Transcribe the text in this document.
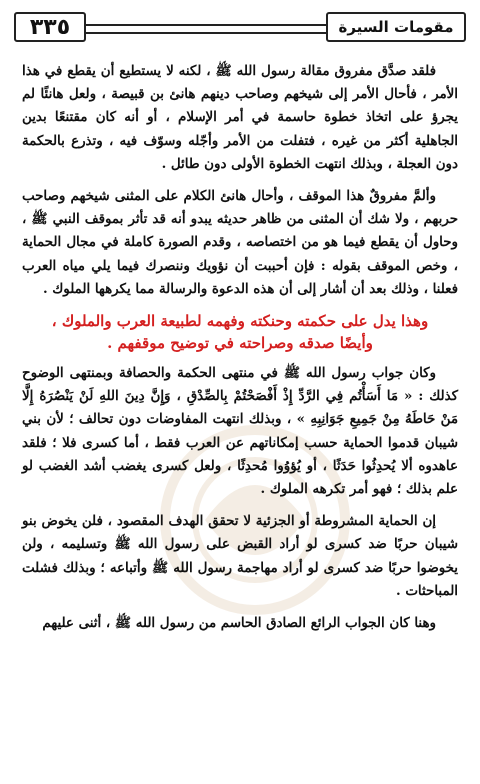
٣٣٥	مقومات السيرة

فلقد صدَّق مفروق مقالة رسول الله ﷺ ، لكنه لا يستطيع أن يقطع في هذا الأمر ، فأحال الأمر إلى شيخهم وصاحب دينهم هانئ بن قبيصة ، ولعل هانئًا لم يجرؤ على اتخاذ خطوة حاسمة في أمر الإسلام ، أو أنه كان مقتنعًا بدين الجاهلية أكثر من غيره ، فتفلت من الأمر وأجّله وسوّف فيه ، وتذرع بالحكمة دون العجلة ، وبذلك انتهت الخطوة الأولى دون طائل .

وألمَّ مفروقٌ هذا الموقف ، وأحال هانئ الكلام على المثنى شيخهم وصاحب حربهم ، ولا شك أن المثنى من ظاهر حديثه يبدو أنه قد تأثر بموقف النبي ﷺ ، وحاول أن يقطع فيما هو من اختصاصه ، وقدم الصورة كاملة في مجال الحماية ، وخص الموقف بقوله : فإن أحببت أن نؤويك وننصرك فيما يلي مياه العرب فعلنا ، وذلك بعد أن أشار إلى أن هذه الدعوة والرسالة مما يكرهها الملوك .

وهذا يدل على حكمته وحنكته وفهمه لطبيعة العرب والملوك ،
وأيضًا صدقه وصراحته في توضيح موقفهم .

وكان جواب رسول الله ﷺ في منتهى الحكمة والحصافة وبمنتهى الوضوح كذلك : « مَا أَسَأْتُم فِي الرَّدِّ إِذْ أَفْصَحْتُمْ بِالصِّدْقِ ، وَإِنَّ دِينَ اللهِ لَنْ يَنْصُرَهُ إِلَّا مَنْ حَاطَهُ مِنْ جَمِيعِ جَوَانِبِهِ » ، وبذلك انتهت المفاوضات دون تحالف ؛ لأن بني شيبان قدموا الحماية حسب إمكاناتهم عن العرب فقط ، أما كسرى فلا ؛ فلقد عاهدوه ألا يُحدِثُوا حَدَثًا ، أو يُؤوُوا مُحدِثًا ، ولعل كسرى يغضب أشد الغضب لو علم بذلك ؛ فهو أمر تكرهه الملوك .

إن الحماية المشروطة أو الجزئية لا تحقق الهدف المقصود ، فلن يخوض بنو شيبان حربًا ضد كسرى لو أراد القبض على رسول الله ﷺ وتسليمه ، ولن يخوضوا حربًا ضد كسرى لو أراد مهاجمة رسول الله ﷺ وأتباعه ؛ وبذلك فشلت المباحثات .

وهنا كان الجواب الرائع الصادق الحاسم من رسول الله ﷺ ، أثنى عليهم
